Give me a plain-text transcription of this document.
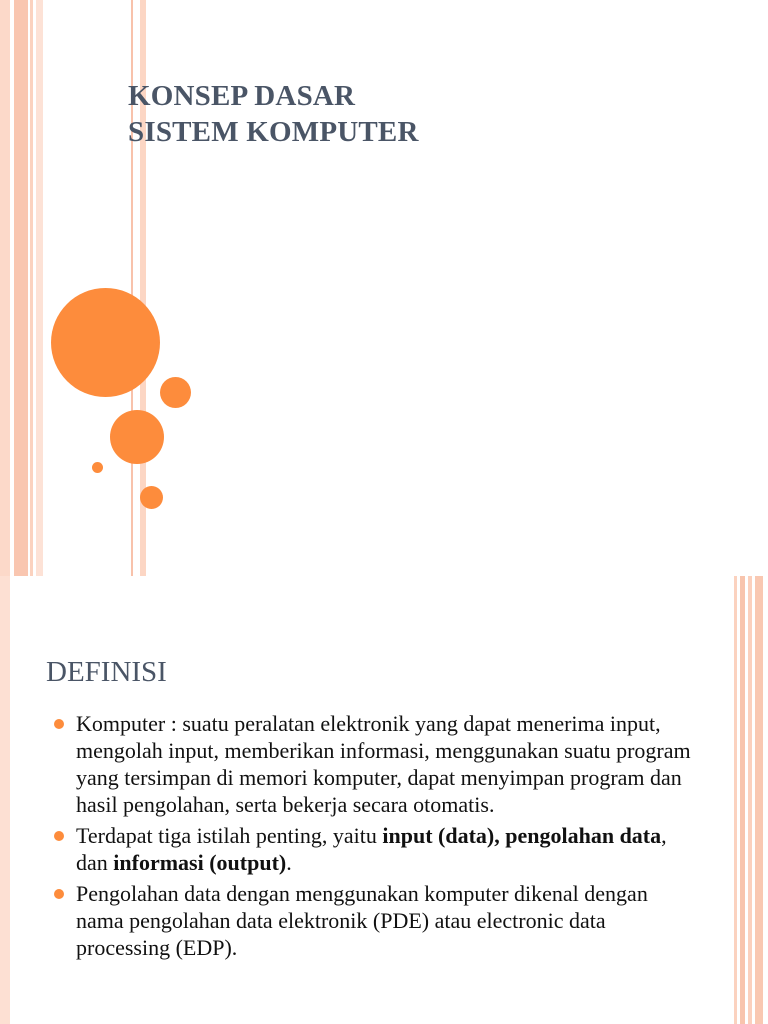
KONSEP DASAR
SISTEM KOMPUTER
DEFINISI
Komputer : suatu peralatan elektronik yang dapat menerima input, mengolah input, memberikan informasi, menggunakan suatu program yang tersimpan di memori komputer, dapat menyimpan program dan hasil pengolahan, serta bekerja secara otomatis.
Terdapat tiga istilah penting, yaitu input (data), pengolahan data, dan informasi (output).
Pengolahan data dengan menggunakan komputer dikenal dengan nama pengolahan data elektronik (PDE) atau electronic data processing (EDP).
